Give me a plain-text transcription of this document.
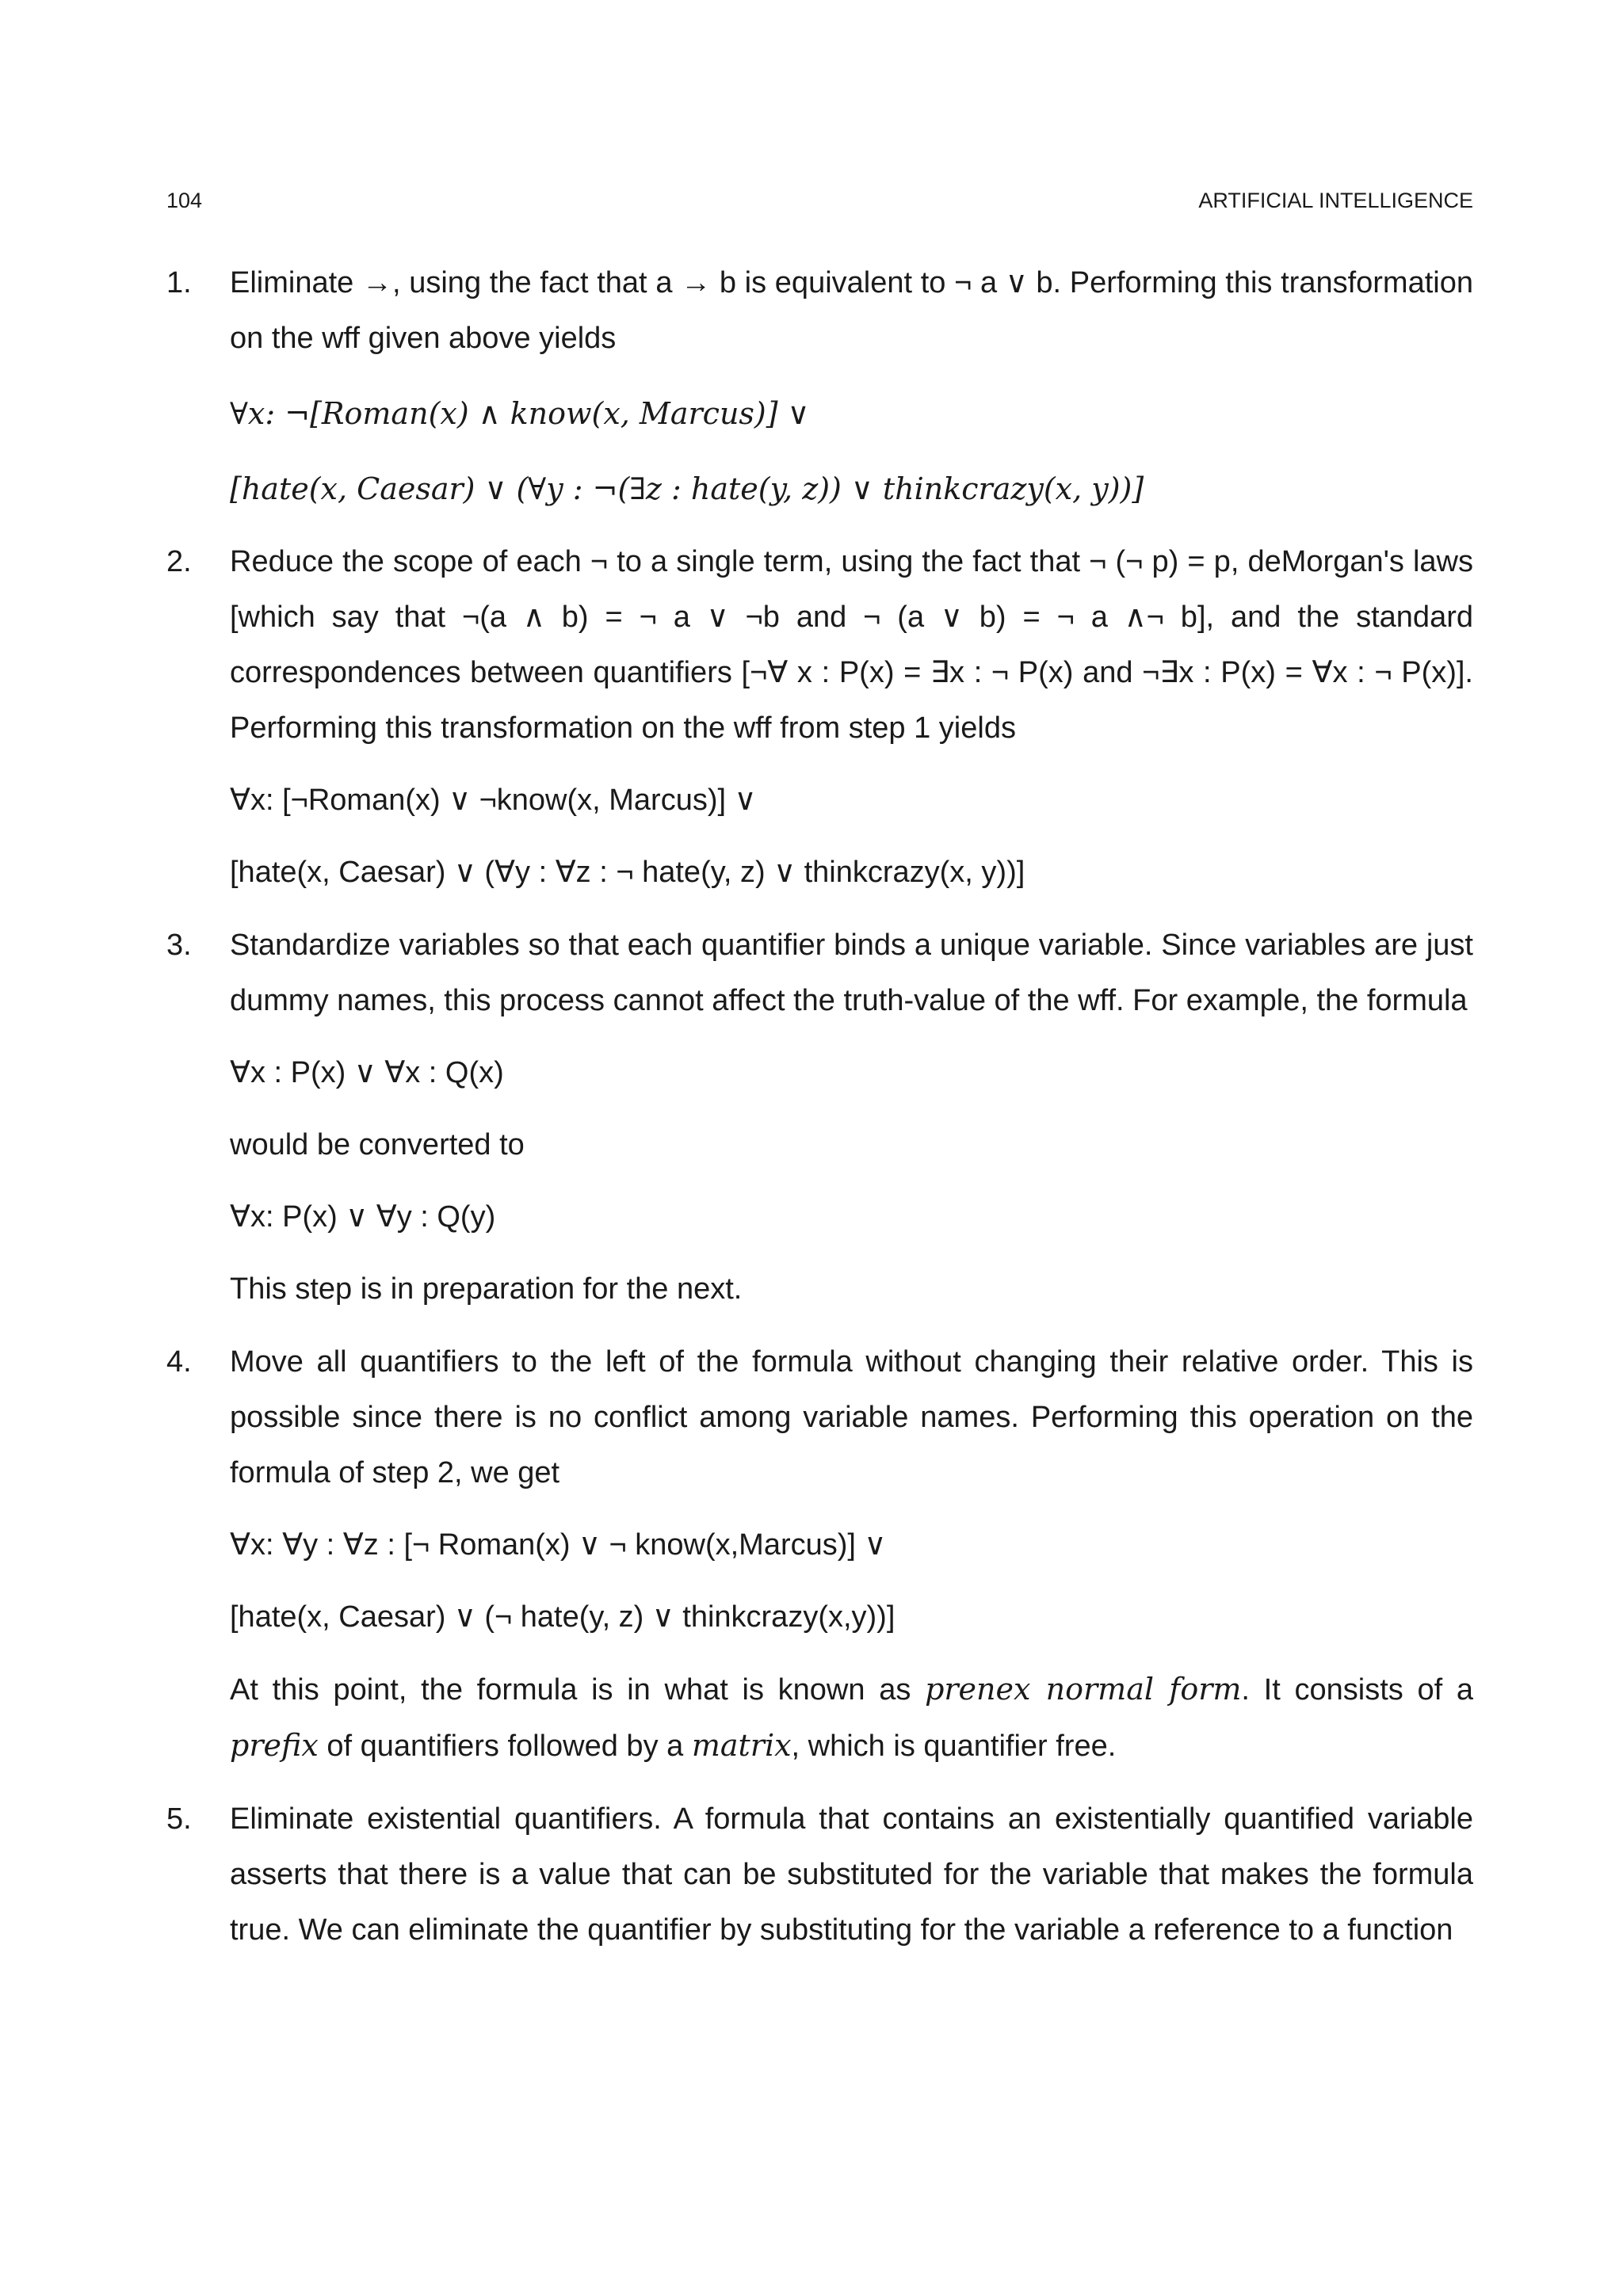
104	ARTIFICIAL INTELLIGENCE
1.	Eliminate →, using the fact that a → b is equivalent to ¬ a ∨ b. Performing this transformation on the wff given above yields

∀x: ¬[Roman(x) ∧ know(x, Marcus)] ∨

[hate(x, Caesar) ∨ (∀y : ¬(∃z : hate(y, z)) ∨ thinkcrazy(x, y))]

2.	Reduce the scope of each ¬ to a single term, using the fact that ¬ (¬ p) = p, deMorgan's laws [which say that ¬(a ∧ b) = ¬ a ∨ ¬b and ¬ (a ∨ b) = ¬ a ∧¬ b], and the standard correspondences between quantifiers [¬∀ x : P(x) = ∃x : ¬ P(x) and ¬∃x : P(x) = ∀x : ¬ P(x)]. Performing this transformation on the wff from step 1 yields

∀x: [¬Roman(x) ∨ ¬know(x, Marcus)] ∨

[hate(x, Caesar) ∨ (∀y : ∀z : ¬ hate(y, z) ∨ thinkcrazy(x, y))]

3.	Standardize variables so that each quantifier binds a unique variable. Since variables are just dummy names, this process cannot affect the truth-value of the wff. For example, the formula

∀x : P(x) ∨ ∀x : Q(x)

would be converted to

∀x: P(x) ∨ ∀y : Q(y)

This step is in preparation for the next.

4.	Move all quantifiers to the left of the formula without changing their relative order. This is possible since there is no conflict among variable names. Performing this operation on the formula of step 2, we get

∀x: ∀y : ∀z : [¬ Roman(x) ∨ ¬ know(x,Marcus)] ∨

[hate(x, Caesar) ∨ (¬ hate(y, z) ∨ thinkcrazy(x,y))]

At this point, the formula is in what is known as prenex normal form. It consists of a prefix of quantifiers followed by a matrix, which is quantifier free.

5.	Eliminate existential quantifiers. A formula that contains an existentially quantified variable asserts that there is a value that can be substituted for the variable that makes the formula true. We can eliminate the quantifier by substituting for the variable a reference to a function
